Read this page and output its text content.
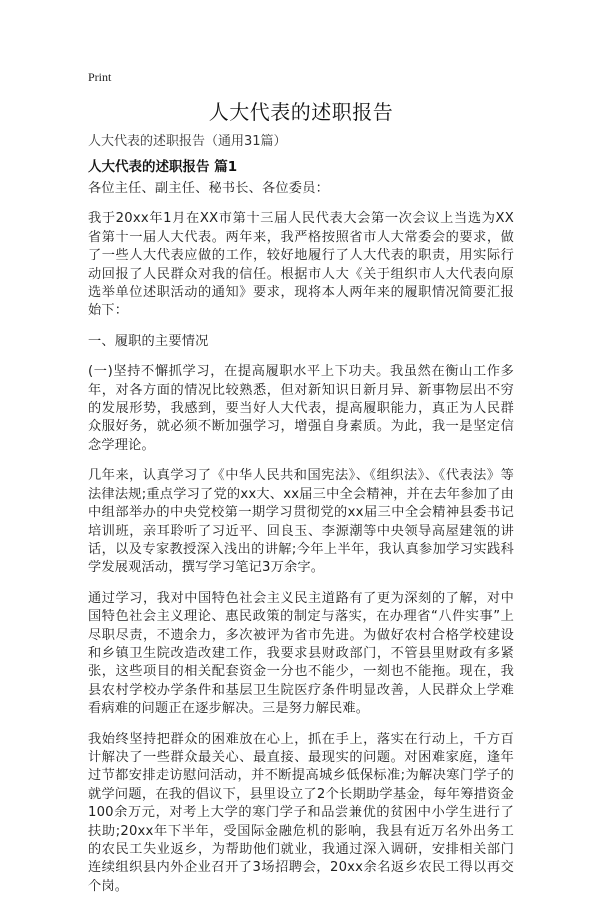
Print
人大代表的述职报告
人大代表的述职报告（通用31篇）
人大代表的述职报告 篇1

各位主任、副主任、秘书长、各位委员：

我于20xx年1月在XX市第十三届人民代表大会第一次会议上当选为XX省第十一届人大代表。两年来，我严格按照省市人大常委会的要求，做了一些人大代表应做的工作，较好地履行了人大代表的职责，用实际行动回报了人民群众对我的信任。根据市人大《关于组织市人大代表向原选举单位述职活动的通知》要求，现将本人两年来的履职情况简要汇报始下：

一、履职的主要情况

(一)坚持不懈抓学习，在提高履职水平上下功夫。我虽然在衡山工作多年，对各方面的情况比较熟悉，但对新知识日新月异、新事物层出不穷的发展形势，我感到，要当好人大代表，提高履职能力，真正为人民群众服好务，就必须不断加强学习，增强自身素质。为此，我一是坚定信念学理论。

几年来，认真学习了《中华人民共和国宪法》、《组织法》、《代表法》等法律法规;重点学习了党的xx大、xx届三中全会精神，并在去年参加了由中组部举办的中央党校第一期学习贯彻党的xx届三中全会精神县委书记培训班，亲耳聆听了习近平、回良玉、李源潮等中央领导高屋建瓴的讲话，以及专家教授深入浅出的讲解;今年上半年，我认真参加学习实践科学发展观活动，撰写学习笔记3万余字。

通过学习，我对中国特色社会主义民主道路有了更为深刻的了解，对中国特色社会主义理论、惠民政策的制定与落实，在办理省“八件实事”上尽职尽责，不遗余力，多次被评为省市先进。为做好农村合格学校建设和乡镇卫生院改造改建工作，我要求县财政部门，不管县里财政有多紧张，这些项目的相关配套资金一分也不能少，一刻也不能拖。现在，我县农村学校办学条件和基层卫生院医疗条件明显改善，人民群众上学难看病难的问题正在逐步解决。三是努力解民难。

我始终坚持把群众的困难放在心上，抓在手上，落实在行动上，千方百计解决了一些群众最关心、最直接、最现实的问题。对困难家庭，逢年过节都安排走访慰问活动，并不断提高城乡低保标准;为解决寒门学子的就学问题，在我的倡议下，县里设立了2个长期助学基金，每年筹措资金100余万元，对考上大学的寒门学子和品尝兼优的贫困中小学生进行了扶助;20xx年下半年，受国际金融危机的影响，我县有近万名外出务工的农民工失业返乡，为帮助他们就业，我通过深入调研，安排相关部门连续组织县内外企业召开了3场招聘会，20xx余名返乡农民工得以再交个岗。
